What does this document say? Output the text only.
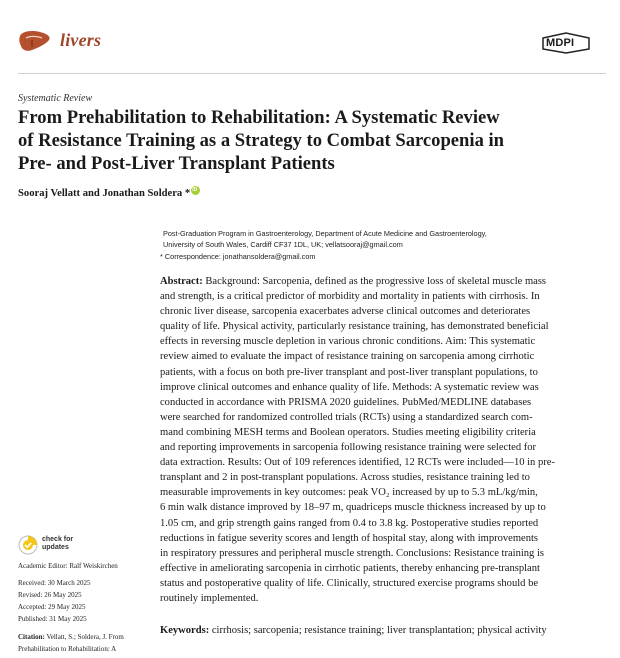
livers	MDPI
Systematic Review
From Prehabilitation to Rehabilitation: A Systematic Review
of Resistance Training as a Strategy to Combat Sarcopenia in
Pre- and Post-Liver Transplant Patients
Sooraj Vellatt and Jonathan Soldera *iD
Post-Graduation Program in Gastroenterology, Department of Acute Medicine and Gastroenterology,
University of South Wales, Cardiff CF37 1DL, UK; vellatsooraj@gmail.com
* Correspondence: jonathansoldera@gmail.com
Abstract: Background: Sarcopenia, defined as the progressive loss of skeletal muscle mass
and strength, is a critical predictor of morbidity and mortality in patients with cirrhosis. In
chronic liver disease, sarcopenia exacerbates adverse clinical outcomes and deteriorates
quality of life. Physical activity, particularly resistance training, has demonstrated beneficial
effects in reversing muscle depletion in various chronic conditions. Aim: This systematic
review aimed to evaluate the impact of resistance training on sarcopenia among cirrhotic
patients, with a focus on both pre-liver transplant and post-liver transplant populations, to
improve clinical outcomes and enhance quality of life. Methods: A systematic review was
conducted in accordance with PRISMA 2020 guidelines. PubMed/MEDLINE databases
were searched for randomized controlled trials (RCTs) using a standardized search com-
mand combining MESH terms and Boolean operators. Studies meeting eligibility criteria
and reporting improvements in sarcopenia following resistance training were selected for
data extraction. Results: Out of 109 references identified, 12 RCTs were included—10 in pre-
transplant and 2 in post-transplant populations. Across studies, resistance training led to
measurable improvements in key outcomes: peak VO₂ increased by up to 5.3 mL/kg/min,
6 min walk distance improved by 18–97 m, quadriceps muscle thickness increased by up to
1.05 cm, and grip strength gains ranged from 0.4 to 3.8 kg. Postoperative studies reported
reductions in fatigue severity scores and length of hospital stay, along with improvements
in respiratory pressures and peripheral muscle strength. Conclusions: Resistance training is
effective in ameliorating sarcopenia in cirrhotic patients, thereby enhancing pre-transplant
status and postoperative quality of life. Clinically, structured exercise programs should be
routinely implemented.
Keywords: cirrhosis; sarcopenia; resistance training; liver transplantation; physical activity
check for
updates
Academic Editor: Ralf Weiskirchen
Received: 30 March 2025
Revised: 26 May 2025
Accepted: 29 May 2025
Published: 31 May 2025
Citation: Vellatt, S.; Soldera, J. From
Prehabilitation to Rehabilitation: A
